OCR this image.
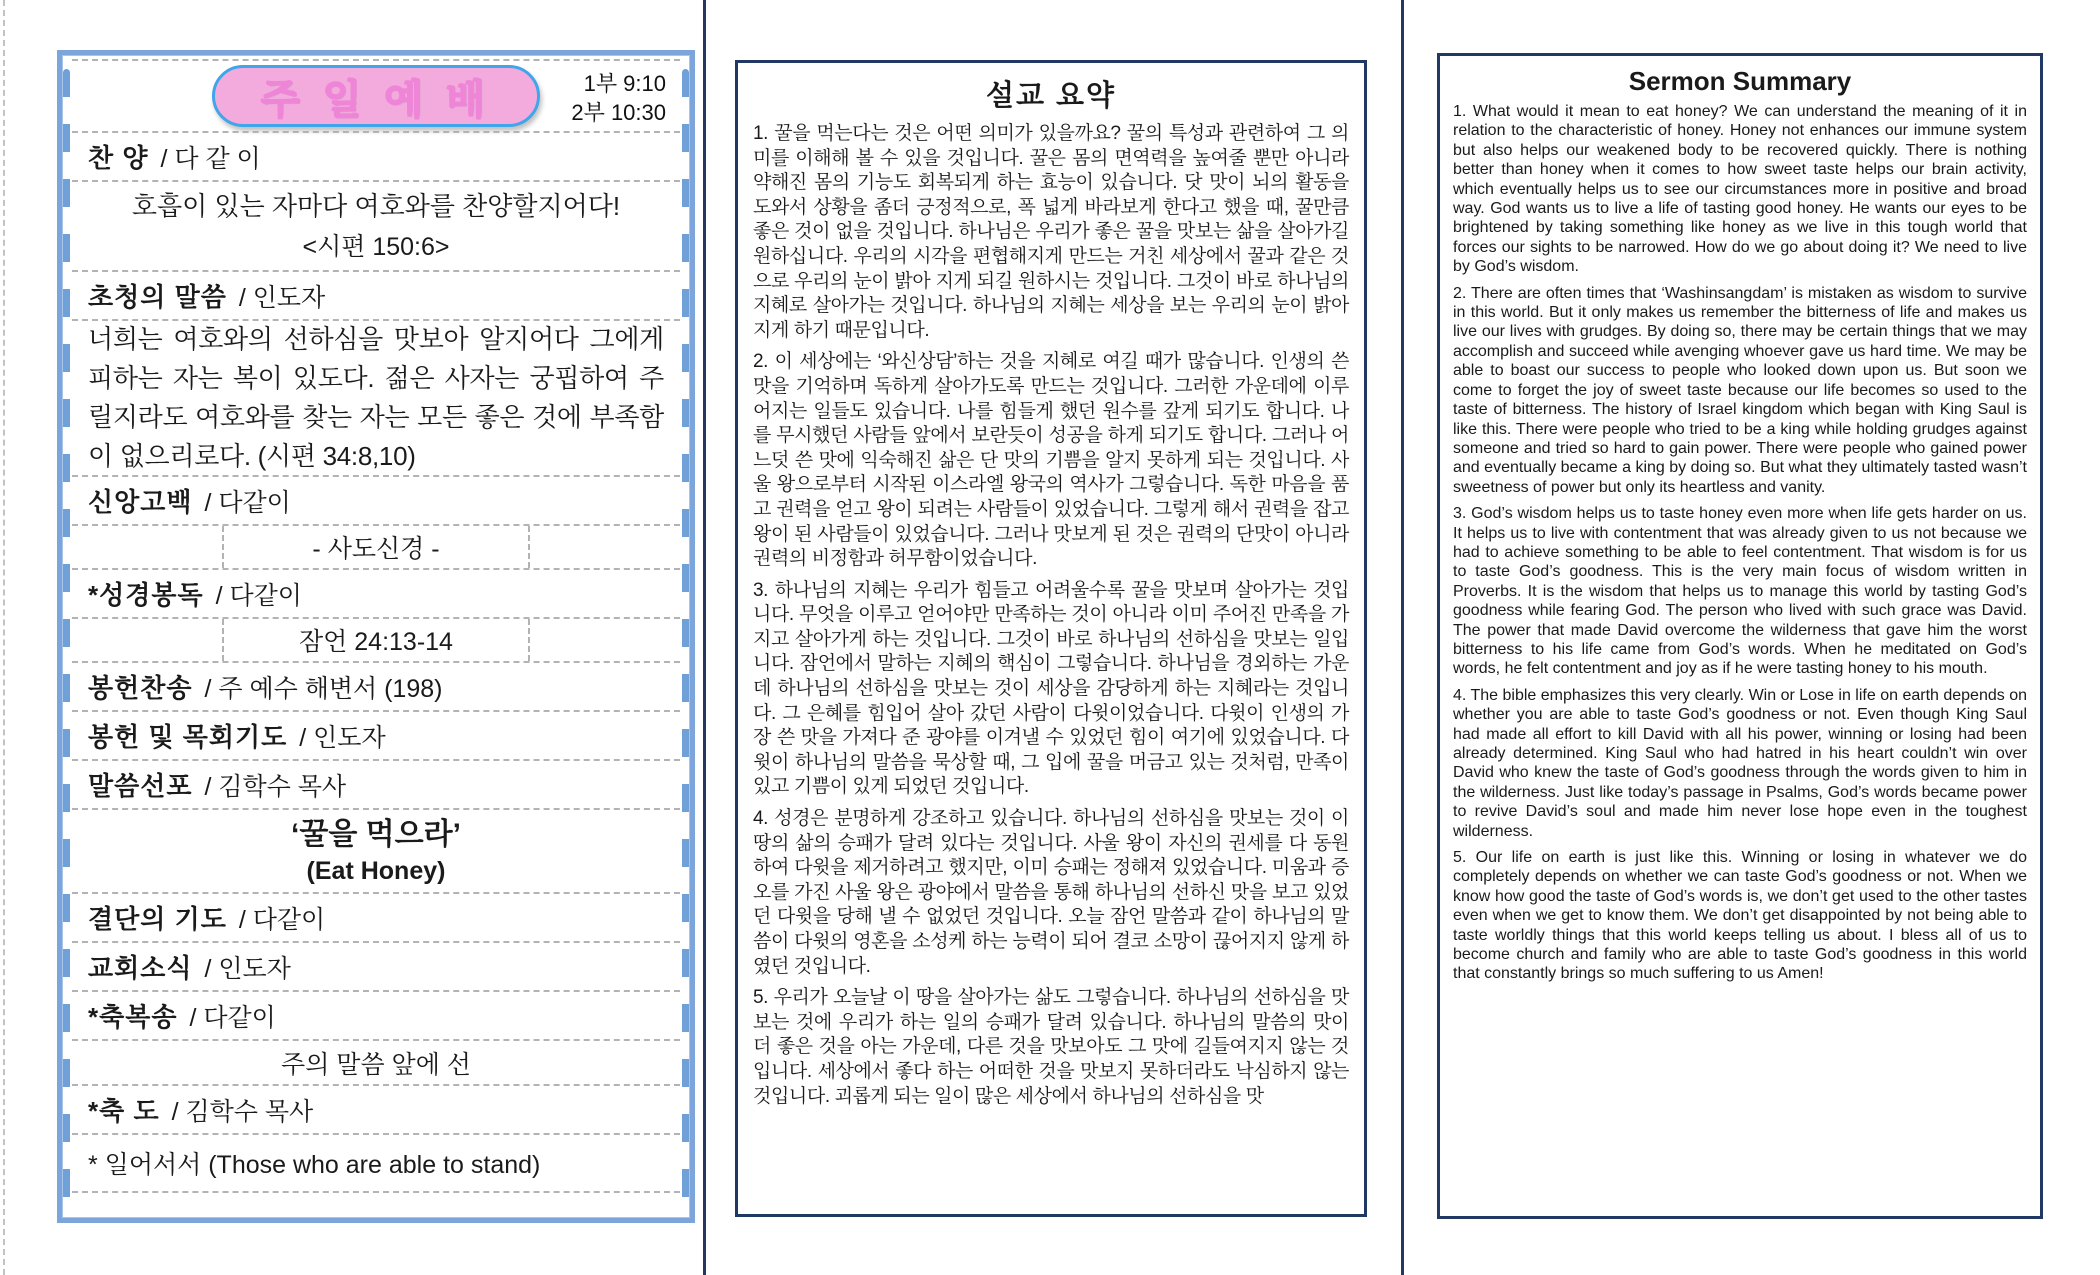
주 일 예 배	1부 9:10
2부 10:30
찬 양 / 다 같 이
호흡이 있는 자마다 여호와를 찬양할지어다!
<시편 150:6>
초청의 말씀 / 인도자
너희는 여호와의 선하심을 맛보아 알지어다 그에게 피하는 자는 복이 있도다. 젊은 사자는 궁핍하여 주릴지라도 여호와를 찾는 자는 모든 좋은 것에 부족함이 없으리로다. (시편 34:8,10)
신앙고백 / 다같이
- 사도신경 -
*성경봉독 / 다같이
잠언 24:13-14
봉헌찬송 / 주 예수 해변서 (198)
봉헌 및 목회기도 / 인도자
말씀선포 / 김학수 목사
‘꿀을 먹으라’
(Eat Honey)
결단의 기도 / 다같이
교회소식 / 인도자
*축복송 / 다같이
주의 말씀 앞에 선
*축 도 / 김학수 목사
* 일어서서 (Those who are able to stand)
설교 요약

1. 꿀을 먹는다는 것은 어떤 의미가 있을까요? 꿀의 특성과 관련하여 그 의미를 이해해 볼 수 있을 것입니다. 꿀은 몸의 면역력을 높여줄 뿐만 아니라 약해진 몸의 기능도 회복되게 하는 효능이 있습니다. 닷 맛이 뇌의 활동을 도와서 상황을 좀더 긍정적으로, 폭 넓게 바라보게 한다고 했을 때, 꿀만큼 좋은 것이 없을 것입니다. 하나님은 우리가 좋은 꿀을 맛보는 삶을 살아가길 원하십니다. 우리의 시각을 편협해지게 만드는 거친 세상에서 꿀과 같은 것으로 우리의 눈이 밝아 지게 되길 원하시는 것입니다. 그것이 바로 하나님의 지혜로 살아가는 것입니다. 하나님의 지혜는 세상을 보는 우리의 눈이 밝아 지게 하기 때문입니다.

2. 이 세상에는 ‘와신상담’하는 것을 지혜로 여길 때가 많습니다. 인생의 쓴 맛을 기억하며 독하게 살아가도록 만드는 것입니다. 그러한 가운데에 이루어지는 일들도 있습니다. 나를 힘들게 했던 원수를 갚게 되기도 합니다. 나를 무시했던 사람들 앞에서 보란듯이 성공을 하게 되기도 합니다. 그러나 어느덧 쓴 맛에 익숙해진 삶은 단 맛의 기쁨을 알지 못하게 되는 것입니다. 사울 왕으로부터 시작된 이스라엘 왕국의 역사가 그렇습니다. 독한 마음을 품고 권력을 얻고 왕이 되려는 사람들이 있었습니다. 그렇게 해서 권력을 잡고 왕이 된 사람들이 있었습니다. 그러나 맛보게 된 것은 권력의 단맛이 아니라 권력의 비정함과 허무함이었습니다.

3. 하나님의 지혜는 우리가 힘들고 어려울수록 꿀을 맛보며 살아가는 것입니다. 무엇을 이루고 얻어야만 만족하는 것이 아니라 이미 주어진 만족을 가지고 살아가게 하는 것입니다. 그것이 바로 하나님의 선하심을 맛보는 일입니다. 잠언에서 말하는 지혜의 핵심이 그렇습니다. 하나님을 경외하는 가운데 하나님의 선하심을 맛보는 것이 세상을 감당하게 하는 지혜라는 것입니다. 그 은혜를 힘입어 살아 갔던 사람이 다윗이었습니다. 다윗이 인생의 가장 쓴 맛을 가져다 준 광야를 이겨낼 수 있었던 힘이 여기에 있었습니다. 다윗이 하나님의 말씀을 묵상할 때, 그 입에 꿀을 머금고 있는 것처럼, 만족이 있고 기쁨이 있게 되었던 것입니다.

4. 성경은 분명하게 강조하고 있습니다. 하나님의 선하심을 맛보는 것이 이 땅의 삶의 승패가 달려 있다는 것입니다. 사울 왕이 자신의 권세를 다 동원하여 다윗을 제거하려고 했지만, 이미 승패는 정해져 있었습니다. 미움과 증오를 가진 사울 왕은 광야에서 말씀을 통해 하나님의 선하신 맛을 보고 있었던 다윗을 당해 낼 수 없었던 것입니다. 오늘 잠언 말씀과 같이 하나님의 말씀이 다윗의 영혼을 소성케 하는 능력이 되어 결코 소망이 끊어지지 않게 하였던 것입니다.

5. 우리가 오늘날 이 땅을 살아가는 삶도 그렇습니다. 하나님의 선하심을 맛보는 것에 우리가 하는 일의 승패가 달려 있습니다. 하나님의 말씀의 맛이 더 좋은 것을 아는 가운데, 다른 것을 맛보아도 그 맛에 길들여지지 않는 것입니다. 세상에서 좋다 하는 어떠한 것을 맛보지 못하더라도 낙심하지 않는 것입니다. 괴롭게 되는 일이 많은 세상에서 하나님의 선하심을 맛

Sermon Summary

1. What would it mean to eat honey? We can understand the meaning of it in relation to the characteristic of honey. Honey not enhances our immune system but also helps our weakened body to be recovered quickly. There is nothing better than honey when it comes to how sweet taste helps our brain activity, which eventually helps us to see our circumstances more in positive and broad way. God wants us to live a life of tasting good honey. He wants our eyes to be brightened by taking something like honey as we live in this tough world that forces our sights to be narrowed. How do we go about doing it? We need to live by God’s wisdom.

2. There are often times that ‘Washinsangdam’ is mistaken as wisdom to survive in this world. But it only makes us remember the bitterness of life and makes us live our lives with grudges. By doing so, there may be certain things that we may accomplish and succeed while avenging whoever gave us hard time. We may be able to boast our success to people who looked down upon us. But soon we come to forget the joy of sweet taste because our life becomes so used to the taste of bitterness. The history of Israel kingdom which began with King Saul is like this. There were people who tried to be a king while holding grudges against someone and tried so hard to gain power. There were people who gained power and eventually became a king by doing so. But what they ultimately tasted wasn’t sweetness of power but only its heartless and vanity.

3. God’s wisdom helps us to taste honey even more when life gets harder on us. It helps us to live with contentment that was already given to us not because we had to achieve something to be able to feel contentment. That wisdom is for us to taste God’s goodness. This is the very main focus of wisdom written in Proverbs. It is the wisdom that helps us to manage this world by tasting God’s goodness while fearing God. The person who lived with such grace was David. The power that made David overcome the wilderness that gave him the worst bitterness to his life came from God’s words. When he meditated on God’s words, he felt contentment and joy as if he were tasting honey to his mouth.

4. The bible emphasizes this very clearly. Win or Lose in life on earth depends on whether you are able to taste God’s goodness or not. Even though King Saul had made all effort to kill David with all his power, winning or losing had been already determined. King Saul who had hatred in his heart couldn’t win over David who knew the taste of God’s goodness through the words given to him in the wilderness. Just like today’s passage in Psalms, God’s words became power to revive David’s soul and made him never lose hope even in the toughest wilderness.

5. Our life on earth is just like this. Winning or losing in whatever we do completely depends on whether we can taste God’s goodness or not. When we know how good the taste of God’s words is, we don’t get used to the other tastes even when we get to know them. We don’t get disappointed by not being able to taste worldly things that this world keeps telling us about. I bless all of us to become church and family who are able to taste God’s goodness in this world that constantly brings so much suffering to us Amen!
